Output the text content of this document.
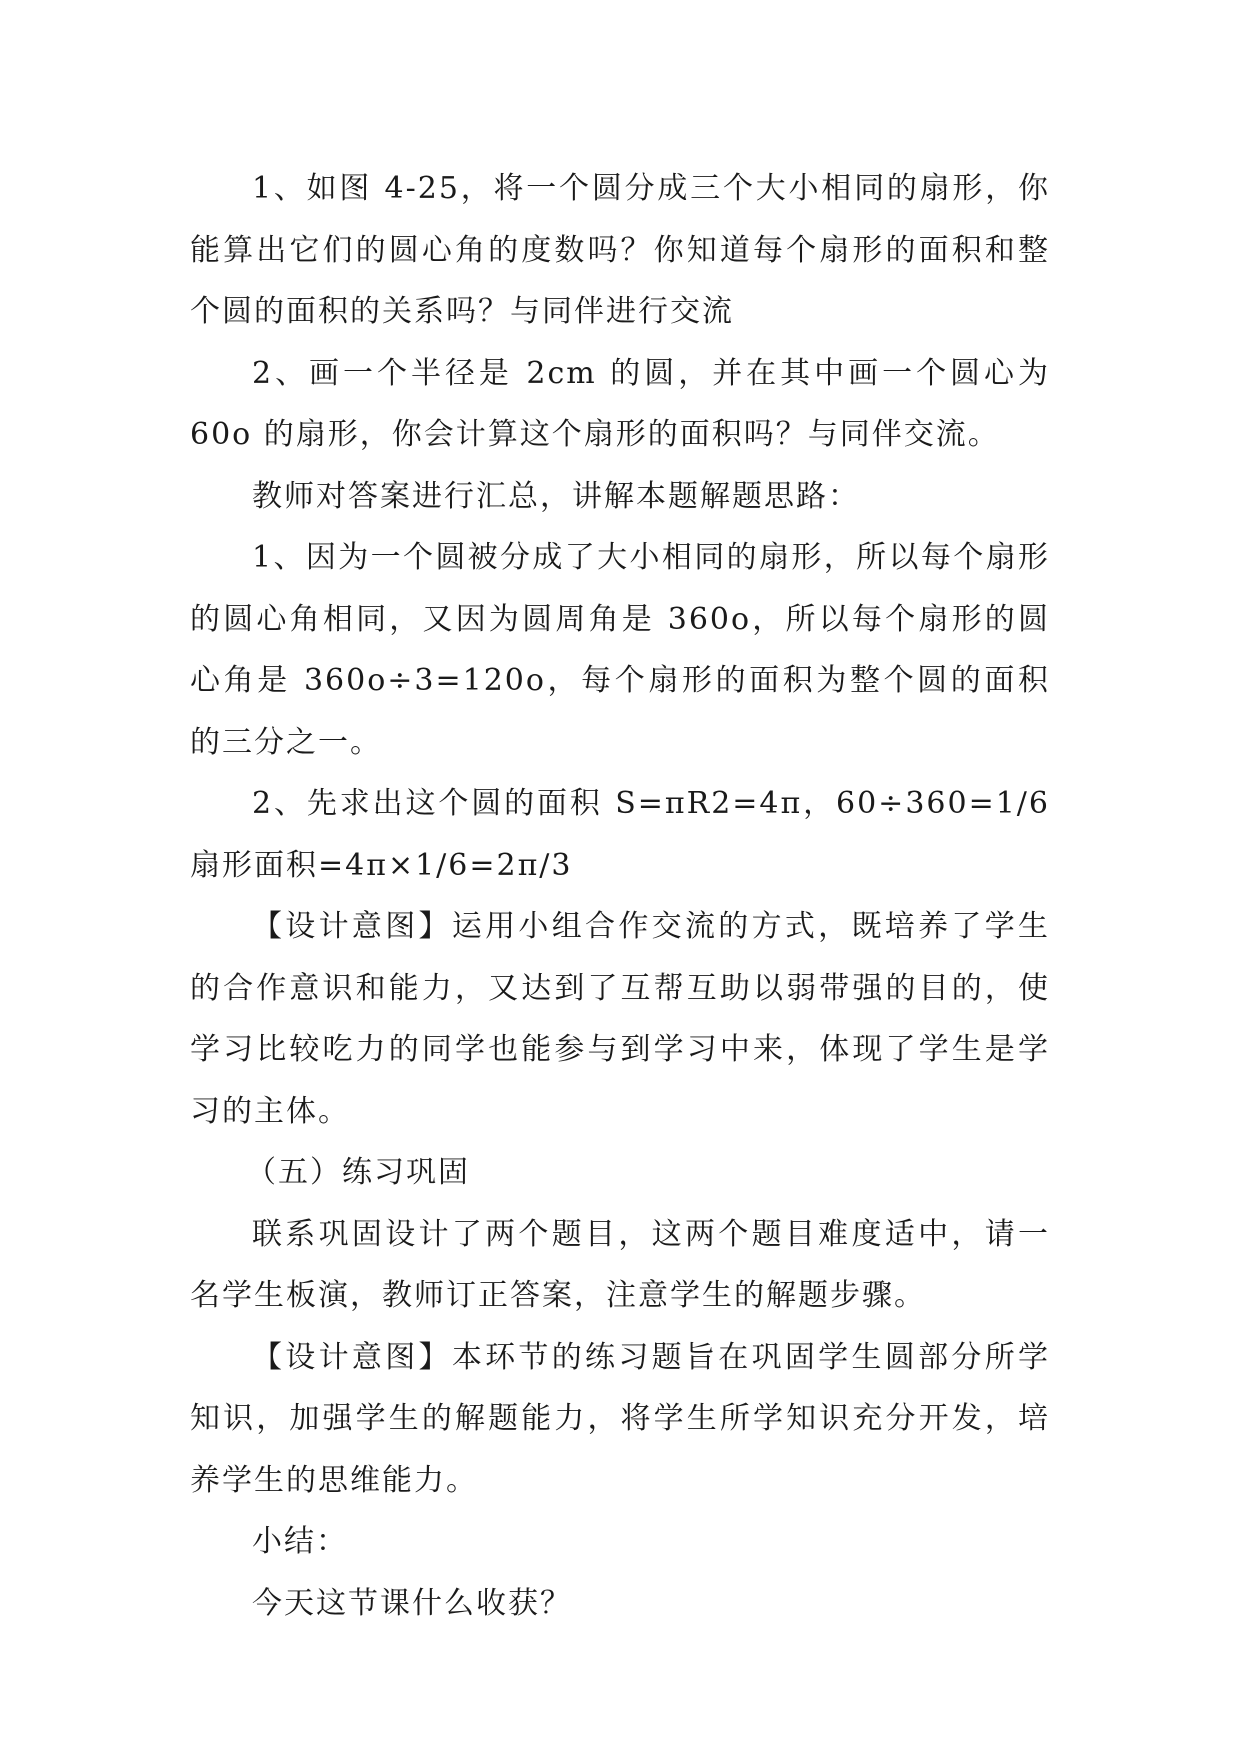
1、如图 4-25，将一个圆分成三个大小相同的扇形，你能算出它们的圆心角的度数吗？你知道每个扇形的面积和整个圆的面积的关系吗？与同伴进行交流

2、画一个半径是 2cm 的圆，并在其中画一个圆心为 60o 的扇形，你会计算这个扇形的面积吗？与同伴交流。

教师对答案进行汇总，讲解本题解题思路：

1、因为一个圆被分成了大小相同的扇形，所以每个扇形的圆心角相同，又因为圆周角是 360o，所以每个扇形的圆心角是 360o÷3=120o，每个扇形的面积为整个圆的面积的三分之一。

2、先求出这个圆的面积 S=πR2=4π，60÷360=1/6 扇形面积=4π×1/6=2π/3

【设计意图】运用小组合作交流的方式，既培养了学生的合作意识和能力，又达到了互帮互助以弱带强的目的，使学习比较吃力的同学也能参与到学习中来，体现了学生是学习的主体。

（五）练习巩固

联系巩固设计了两个题目，这两个题目难度适中，请一名学生板演，教师订正答案，注意学生的解题步骤。

【设计意图】本环节的练习题旨在巩固学生圆部分所学知识，加强学生的解题能力，将学生所学知识充分开发，培养学生的思维能力。

小结：

今天这节课什么收获？
